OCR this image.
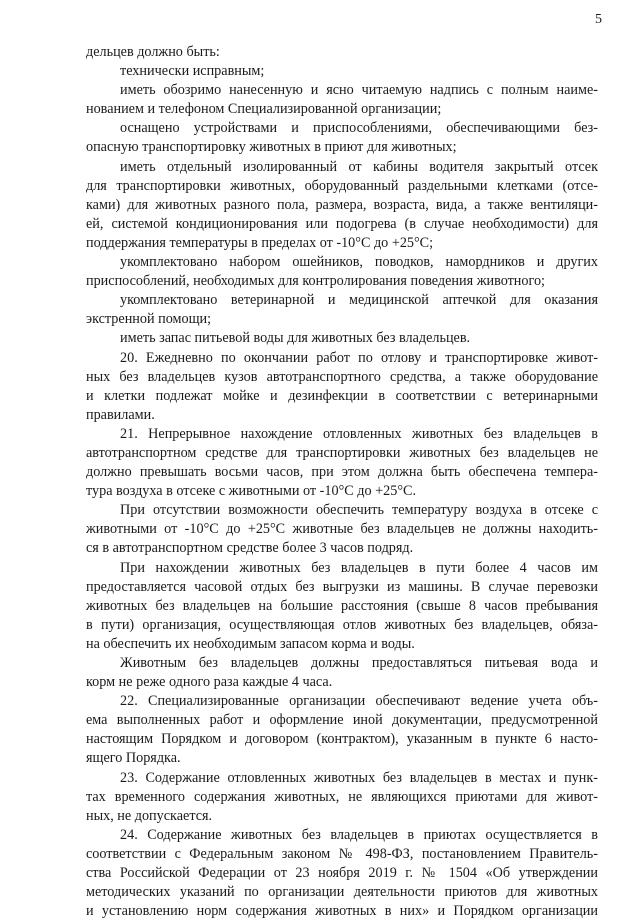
5
дельцев должно быть:
технически исправным;
иметь обозримо нанесенную и ясно читаемую надпись с полным наиме-
нованием и телефоном Специализированной организации;
оснащено устройствами и приспособлениями, обеспечивающими без-
опасную транспортировку животных в приют для животных;
иметь отдельный изолированный от кабины водителя закрытый отсек
для транспортировки животных, оборудованный раздельными клетками (отсе-
ками) для животных разного пола, размера, возраста, вида, а также вентиляци-
ей, системой кондиционирования или подогрева (в случае необходимости) для
поддержания температуры в пределах от -10°С до +25°С;
укомплектовано набором ошейников, поводков, намордников и других
приспособлений, необходимых для контролирования поведения животного;
укомплектовано ветеринарной и медицинской аптечкой для оказания
экстренной помощи;
иметь запас питьевой воды для животных без владельцев.
20. Ежедневно по окончании работ по отлову и транспортировке живот-
ных без владельцев кузов автотранспортного средства, а также оборудование
и клетки подлежат мойке и дезинфекции в соответствии с ветеринарными
правилами.
21. Непрерывное нахождение отловленных животных без владельцев в
автотранспортном средстве для транспортировки животных без владельцев не
должно превышать восьми часов, при этом должна быть обеспечена темпера-
тура воздуха в отсеке с животными от -10°С до +25°С.
При отсутствии возможности обеспечить температуру воздуха в отсеке с
животными от -10°С до +25°С животные без владельцев не должны находить-
ся в автотранспортном средстве более 3 часов подряд.
При нахождении животных без владельцев в пути более 4 часов им
предоставляется часовой отдых без выгрузки из машины. В случае перевозки
животных без владельцев на большие расстояния (свыше 8 часов пребывания
в пути) организация, осуществляющая отлов животных без владельцев, обяза-
на обеспечить их необходимым запасом корма и воды.
Животным без владельцев должны предоставляться питьевая вода и
корм не реже одного раза каждые 4 часа.
22. Специализированные организации обеспечивают ведение учета объ-
ема выполненных работ и оформление иной документации, предусмотренной
настоящим Порядком и договором (контрактом), указанным в пункте 6 насто-
ящего Порядка.
23. Содержание отловленных животных без владельцев в местах и пунк-
тах временного содержания животных, не являющихся приютами для живот-
ных, не допускается.
24. Содержание животных без владельцев в приютах осуществляется в
соответствии с Федеральным законом № 498-ФЗ, постановлением Правитель-
ства Российской Федерации от 23 ноября 2019 г. № 1504 «Об утверждении
методических указаний по организации деятельности приютов для животных
и установлению норм содержания животных в них» и Порядком организации
